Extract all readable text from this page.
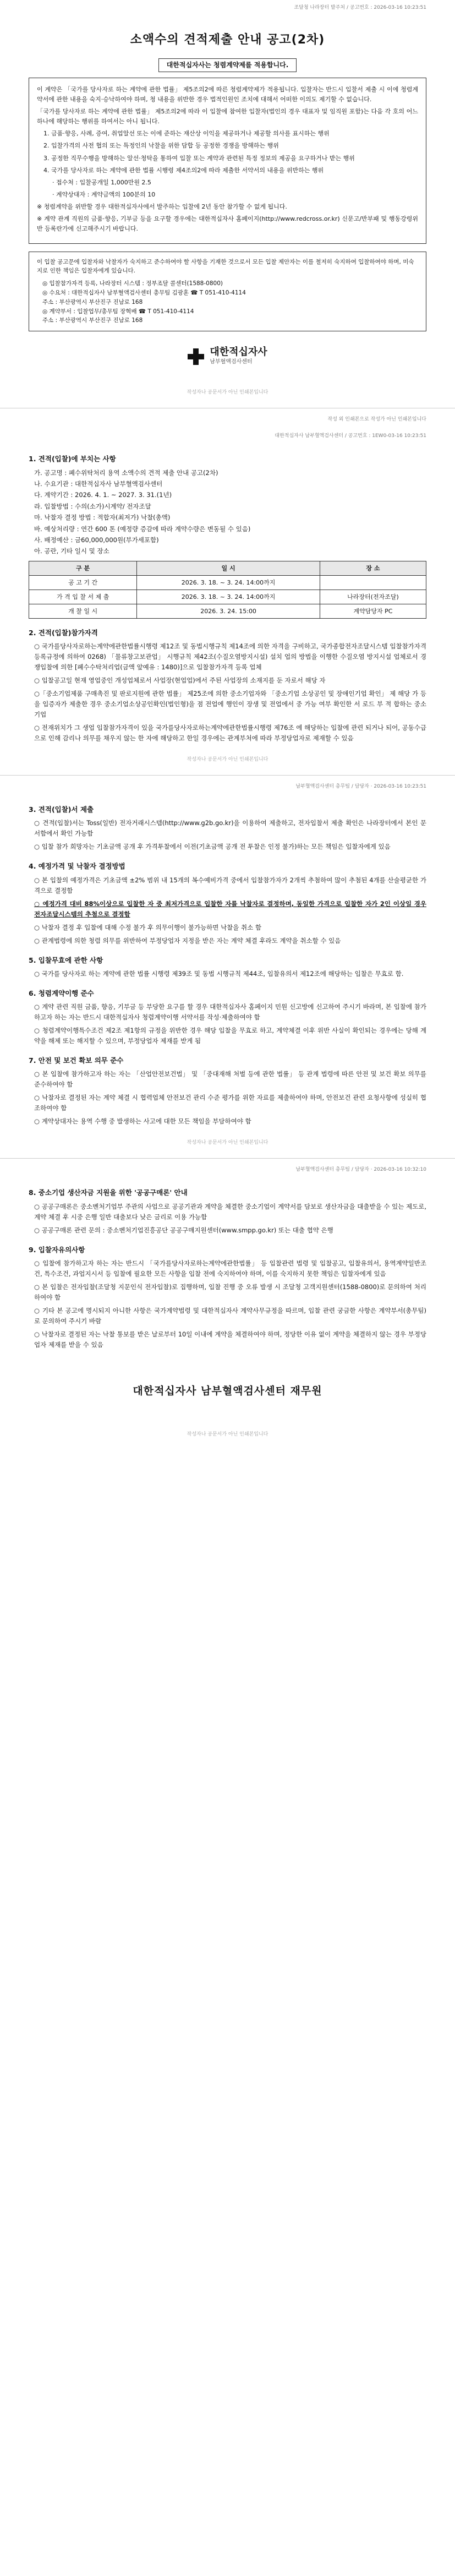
조달청 나라장터 발주처 / 공고번호 : 2026-03-16 10:23:51
소액수의 견적제출 안내 공고(2차)
대한적십자사는 청렴계약제를 적용합니다.

이 계약은 「국가를 당사자로 하는 계약에 관한 법률」 제5조의2에 따른 청렴계약제가 적용됩니다. 입찰자는 반드시 입찰서 제출 시 이에 청렴계약서에 관한 내용을 숙지·승낙하여야 하며, 청 내용을 위반한 경우 법적인원인 조치에 대해서 어떠한 이의도 제기할 수 없습니다.

「국가를 당사자로 하는 계약에 관한 법률」 제5조의2에 따라 이 입찰에 참여한 입찰자(법인의 경우 대표자 및 임직원 포함)는 다음 각 호의 어느 하나에 해당하는 행위를 하여서는 아니 됩니다.

1. 금품·향응, 사례, 증여, 취업알선 또는 이에 준하는 재산상 이익을 제공하거나 제공할 의사를 표시하는 행위

2. 입찰가격의 사전 협의 또는 특정인의 낙찰을 위한 담합 등 공정한 경쟁을 방해하는 행위

3. 공정한 직무수행을 방해하는 알선·청탁을 통하여 입찰 또는 계약과 관련된 특정 정보의 제공을 요구하거나 받는 행위

4. 국가를 당사자로 하는 계약에 관한 법률 시행령 제4조의2에 따라 제출한 서약서의 내용을 위반하는 행위

· 접수처 : 입찰공개일 1,000만원 2.5

· 계약상대자 : 계약금액의 100분의 10

※ 청렴계약을 위반할 경우 대한적십자사에서 발주하는 입찰에 2년 동안 참가할 수 없게 됩니다.

※ 계약 관계 직원의 금품·향응, 기부금 등을 요구할 경우에는 대한적십자사 홈페이지(http://www.redcross.or.kr) 신문고/반부패 및 행동강령위반 등록란가에 신고해주시기 바랍니다.

이 입찰 공고문에 입찰자와 낙찰자가 숙지하고 준수하여야 할 사항을 기재한 것으로서 모든 입찰 제안자는 이를 철저히 숙지하여 입찰하여야 하며, 미숙지로 인한 책임은 입찰자에게 있습니다.
◎ 입찰참가자격 등록, 나라장터 시스템 : 정부조달 콜센터(1588-0800)
◎ 수요처 : 대한적십자사 남부혈액검사센터 총무팀 김광훈 ☎ T 051-410-4114
주소 : 부산광역시 부산진구 진남로 168
◎ 계약부서 : 입찰업무/총무팀 장혁배 ☎ T 051-410-4114
주소 : 부산광역시 부산진구 진남로 168
대한적십자사
남부혈액검사센터
작성자나 공문서가 아닌 인쇄본입니다
작성 외 인쇄본으로 작성가 아닌 인쇄본입니다
대한적십자사 남부혈액검사센터 / 공고번호 : 1EW0-03-16 10:23:51
1. 견적(입찰)에 부치는 사항
가. 공고명 : 폐수위탁처리 용역 소액수의 견적 제출 안내 공고(2차)
나. 수요기관 : 대한적십자사 남부혈액검사센터
다. 계약기간 : 2026. 4. 1. ~ 2027. 3. 31.(1년)
라. 입찰방법 : 수의(소가)시계약/ 전자조달
마. 낙찰자 결정 방법 : 적합자(최저가) 낙찰(총액)
바. 예상처리량 : 연간 600 톤 (예정량 증감에 따라 계약수량은 변동될 수 있음)
사. 배정예산 : 금60,000,000원(부가세포함)
아. 공란, 기타 일시 및 장소
구 분	일 시	장 소
공 고 기 간	2026. 3. 18. ~ 3. 24. 14:00까지	
가 격 입 찰 서 제 출	2026. 3. 18. ~ 3. 24. 14:00까지	나라장터(전자조달)
개 찰 일 시	2026. 3. 24. 15:00	계약담당자 PC
2. 견적(입찰)참가자격
○ 국가를당사자로하는계약에관한법률시행령 제12조 및 동법시행규칙 제14조에 의한 자격을 구비하고, 국가종합전자조달시스템 입찰참가자격등록규정에 의하여 0268) 「물류창고보관업」 시행규칙 제42조(수질오염방지시설) 설치 업의 방법을 이행한 수질오염 방지시설 업체로서 경쟁입찰에 의한 [폐수수탁처리업(금액 앞예유 : 1480)]으로 입찰참가자격 등록 업체
○ 입찰공고일 현재 영업중인 개성업체로서 사업장(현업업)에서 주된 사업장의 소재지를 둔 자로서 해당 자
○「중소기업제품 구매촉진 및 판로지원에 관한 법률」 제25조에 의한 중소기업자와 「중소기업 소상공인 및 장애인기업 확인」 제 해당 가 등을 입증자가 제출한 경우 중소기업소상공인확인(법인형)을 점 전업에 행인이 장생 및 전업에서 중 가능 여부 확인한 서 로드 부 적 합하는 중소기업
○ 전재위치가 그 생업 입찰참가자격이 있을 국가를당사자로하는계약에관한법률시행령 제76조 에 해당하는 입찰에 관련 되거나 되어, 공동수급으로 인해 감리나 의무를 채우지 않는 한 자에 해당하고 한일 경우에는 관계부처에 따라 부정당업자로 제재할 수 있음
작성자나 공문서가 아닌 인쇄본입니다
남부혈액검사센터 총무팀 / 담당자 · 2026-03-16 10:23:51
3. 견적(입찰)서 제출
○ 견적(입찰)서는 Toss(일반) 전자거래시스템(http://www.g2b.go.kr)을 이용하여 제출하고, 전자입찰서 제출 확인은 나라장터에서 본인 문서함에서 확인 가능함
○ 입찰 참가 희망자는 기초금액 공개 후 가격투찰에서 이전(기초금액 공개 전 투찰은 인정 불가)하는 모든 책임은 입찰자에게 있음
4. 예정가격 및 낙찰자 결정방법
○ 본 입찰의 예정가격은 기초금액 ±2% 범위 내 15개의 복수예비가격 중에서 입찰참가자가 2개씩 추첨하여 많이 추첨된 4개를 산술평균한 가격으로 결정함
○ 예정가격 대비 88%이상으로 입찰한 자 중 최저가격으로 입찰한 자를 낙찰자로 결정하며, 동일한 가격으로 입찰한 자가 2인 이상일 경우 전자조달시스템의 추첨으로 결정함
○ 낙찰자 결정 후 입찰에 대해 수정 불가 후 의무이행이 불가능하면 낙찰을 취소 함
○ 관계법령에 의한 청렴 의무를 위반하여 부정당업자 지정을 받은 자는 계약 체결 후라도 계약을 취소할 수 있음
5. 입찰무효에 관한 사항
○ 국가를 당사자로 하는 계약에 관한 법률 시행령 제39조 및 동법 시행규칙 제44조, 입찰유의서 제12조에 해당하는 입찰은 무효로 함.
6. 청렴계약이행 준수
○ 계약 관련 직원 금품, 향응, 기부금 등 부당한 요구를 할 경우 대한적십자사 홈페이지 민원 신고방에 신고하여 주시기 바라며, 본 입찰에 참가하고자 하는 자는 반드시 대한적십자사 청렴계약이행 서약서를 작성·제출하여야 함
○ 청렴계약이행특수조건 제2조 제1항의 규정을 위반한 경우 해당 입찰을 무효로 하고, 계약체결 이후 위반 사실이 확인되는 경우에는 당해 계약을 해제 또는 해지할 수 있으며, 부정당업자 제재를 받게 됨
7. 안전 및 보건 확보 의무 준수
○ 본 입찰에 참가하고자 하는 자는 「산업안전보건법」 및 「중대재해 처벌 등에 관한 법률」 등 관계 법령에 따른 안전 및 보건 확보 의무를 준수하여야 함
○ 낙찰자로 결정된 자는 계약 체결 시 협력업체 안전보건 관리 수준 평가를 위한 자료를 제출하여야 하며, 안전보건 관련 요청사항에 성실히 협조하여야 함
○ 계약상대자는 용역 수행 중 발생하는 사고에 대한 모든 책임을 부담하여야 함
작성자나 공문서가 아닌 인쇄본입니다
남부혈액검사센터 총무팀 / 담당자 · 2026-03-16 10:32:10
8. 중소기업 생산자금 지원을 위한 '공공구매론' 안내
○ 공공구매론은 중소벤처기업부 주관의 사업으로 공공기관과 계약을 체결한 중소기업이 계약서를 담보로 생산자금을 대출받을 수 있는 제도로, 계약 체결 후 시중 은행 일반 대출보다 낮은 금리로 이용 가능함
○ 공공구매론 관련 문의 : 중소벤처기업진흥공단 공공구매지원센터(www.smpp.go.kr) 또는 대출 협약 은행
9. 입찰자유의사항
○ 입찰에 참가하고자 하는 자는 반드시 「국가를당사자로하는계약에관한법률」 등 입찰관련 법령 및 입찰공고, 입찰유의서, 용역계약일반조건, 특수조건, 과업지시서 등 입찰에 필요한 모든 사항을 입찰 전에 숙지하여야 하며, 이를 숙지하지 못한 책임은 입찰자에게 있음
○ 본 입찰은 전자입찰(조달청 지문인식 전자입찰)로 집행하며, 입찰 진행 중 오류 발생 시 조달청 고객지원센터(1588-0800)로 문의하여 처리하여야 함
○ 기타 본 공고에 명시되지 아니한 사항은 국가계약법령 및 대한적십자사 계약사무규정을 따르며, 입찰 관련 궁금한 사항은 계약부서(총무팀)로 문의하여 주시기 바람
○ 낙찰자로 결정된 자는 낙찰 통보를 받은 날로부터 10일 이내에 계약을 체결하여야 하며, 정당한 이유 없이 계약을 체결하지 않는 경우 부정당업자 제재를 받을 수 있음
대한적십자사 남부혈액검사센터 재무원
작성자나 공문서가 아닌 인쇄본입니다
